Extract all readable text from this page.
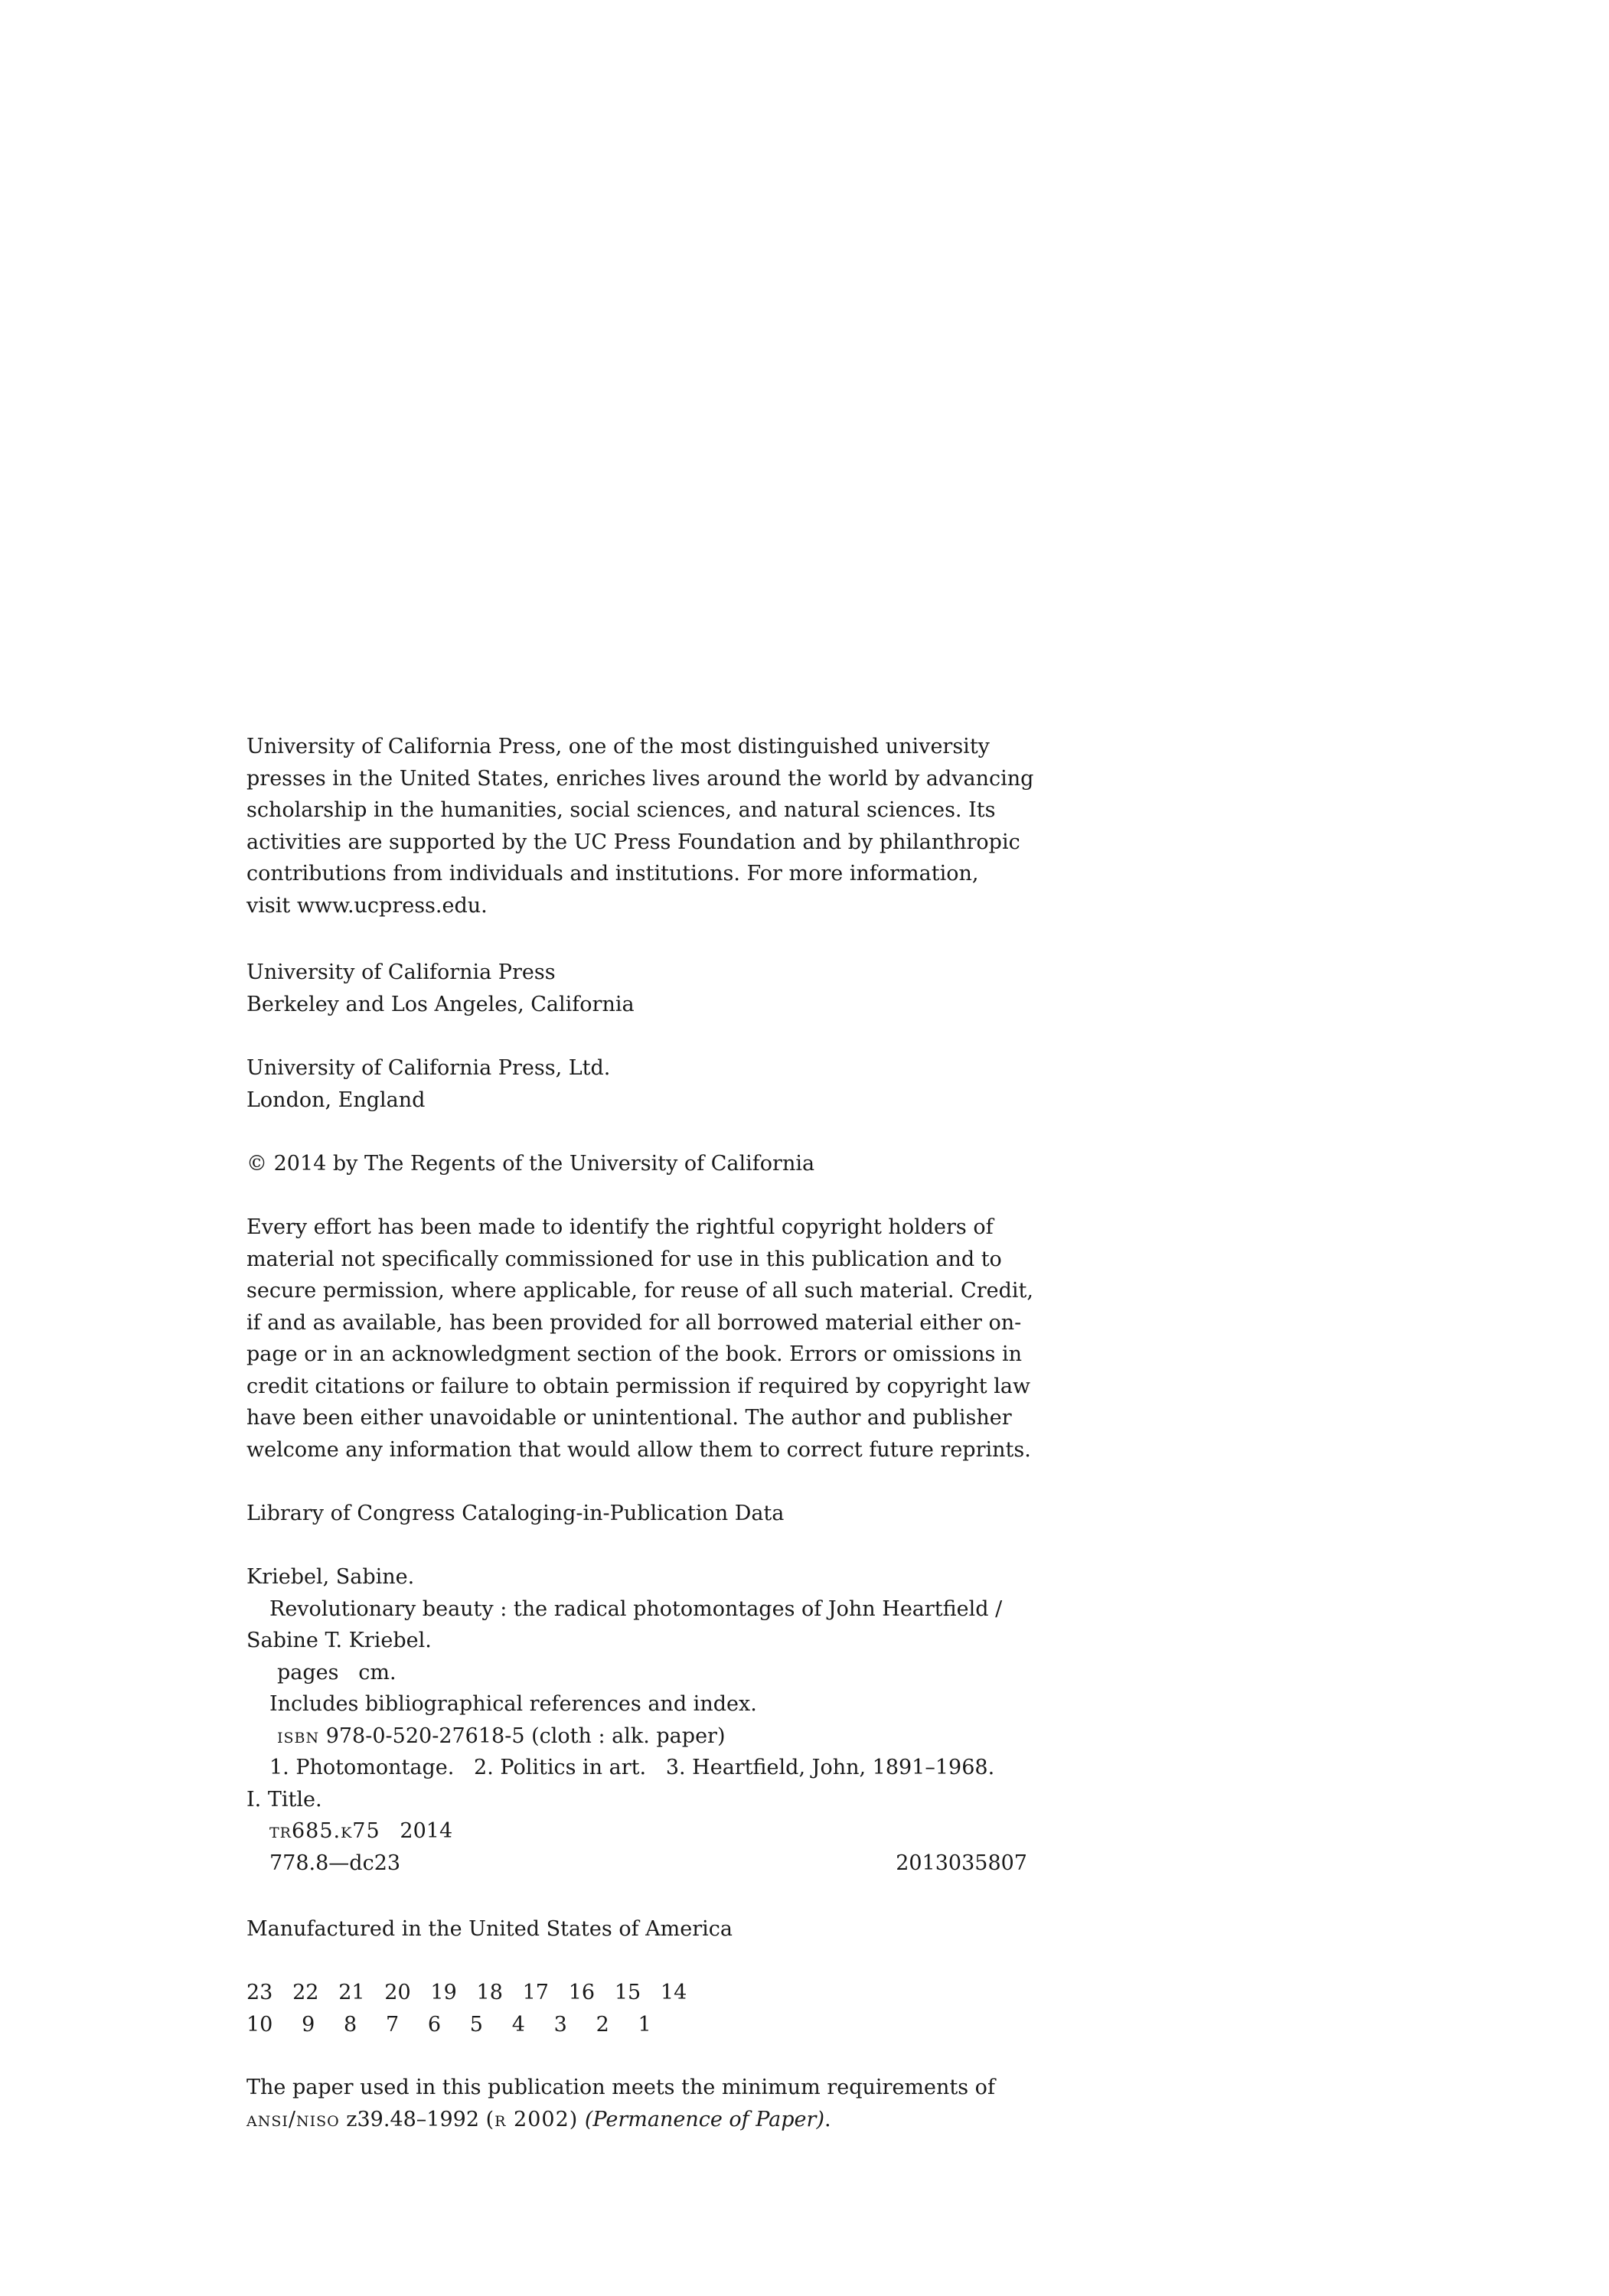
University of California Press, one of the most distinguished university
presses in the United States, enriches lives around the world by advancing
scholarship in the humanities, social sciences, and natural sciences. Its
activities are supported by the UC Press Foundation and by philanthropic
contributions from individuals and institutions. For more information,
visit www.ucpress.edu.
University of California Press
Berkeley and Los Angeles, California
University of California Press, Ltd.
London, England
© 2014 by The Regents of the University of California
Every effort has been made to identify the rightful copyright holders of
material not specifically commissioned for use in this publication and to
secure permission, where applicable, for reuse of all such material. Credit,
if and as available, has been provided for all borrowed material either on-
page or in an acknowledgment section of the book. Errors or omissions in
credit citations or failure to obtain permission if required by copyright law
have been either unavoidable or unintentional. The author and publisher
welcome any information that would allow them to correct future reprints.
Library of Congress Cataloging-in-Publication Data
Kriebel, Sabine.
Revolutionary beauty : the radical photomontages of John Heartfield /
Sabine T. Kriebel.
pages   cm.
Includes bibliographical references and index.
isbn 978-0-520-27618-5 (cloth : alk. paper)
1. Photomontage.   2. Politics in art.   3. Heartfield, John, 1891–1968.
I. Title.
tr685.k75 2014
778.8—dc23	2013035807
Manufactured in the United States of America
23   22   21   20   19   18   17   16   15   14
10   9   8   7   6   5   4   3   2   1
The paper used in this publication meets the minimum requirements of
ansi/niso z39.48–1992 (r 2002) (Permanence of Paper).
